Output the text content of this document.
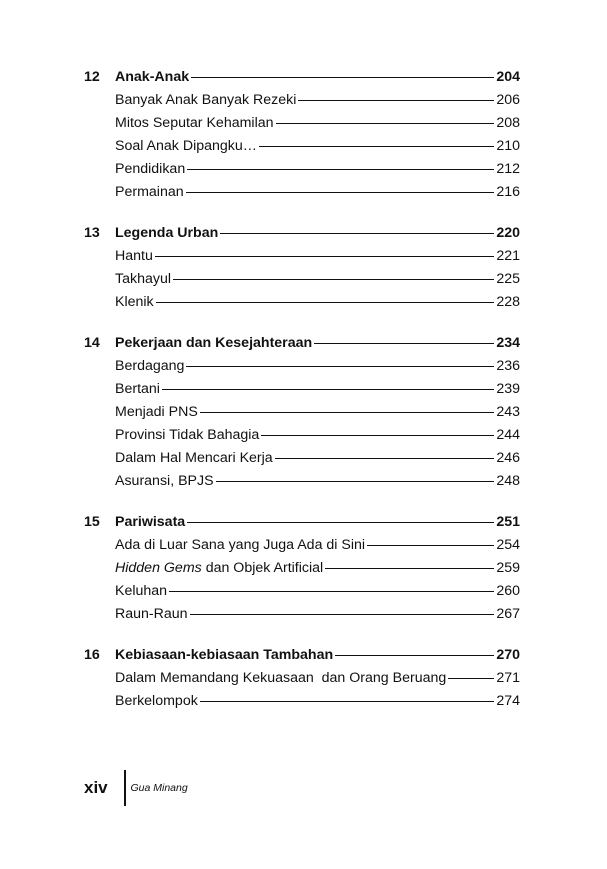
12	Anak-Anak	204
Banyak Anak Banyak Rezeki	206
Mitos Seputar Kehamilan	208
Soal Anak Dipangku…	210
Pendidikan	212
Permainan	216
13	Legenda Urban	220
Hantu	221
Takhayul	225
Klenik	228
14	Pekerjaan dan Kesejahteraan	234
Berdagang	236
Bertani	239
Menjadi PNS	243
Provinsi Tidak Bahagia	244
Dalam Hal Mencari Kerja	246
Asuransi, BPJS	248
15	Pariwisata	251
Ada di Luar Sana yang Juga Ada di Sini	254
Hidden Gems dan Objek Artificial	259
Keluhan	260
Raun-Raun	267
16	Kebiasaan-kebiasaan Tambahan	270
Dalam Memandang Kekuasaan  dan Orang Beruang	271
Berkelompok	274
xiv	Gua Minang
